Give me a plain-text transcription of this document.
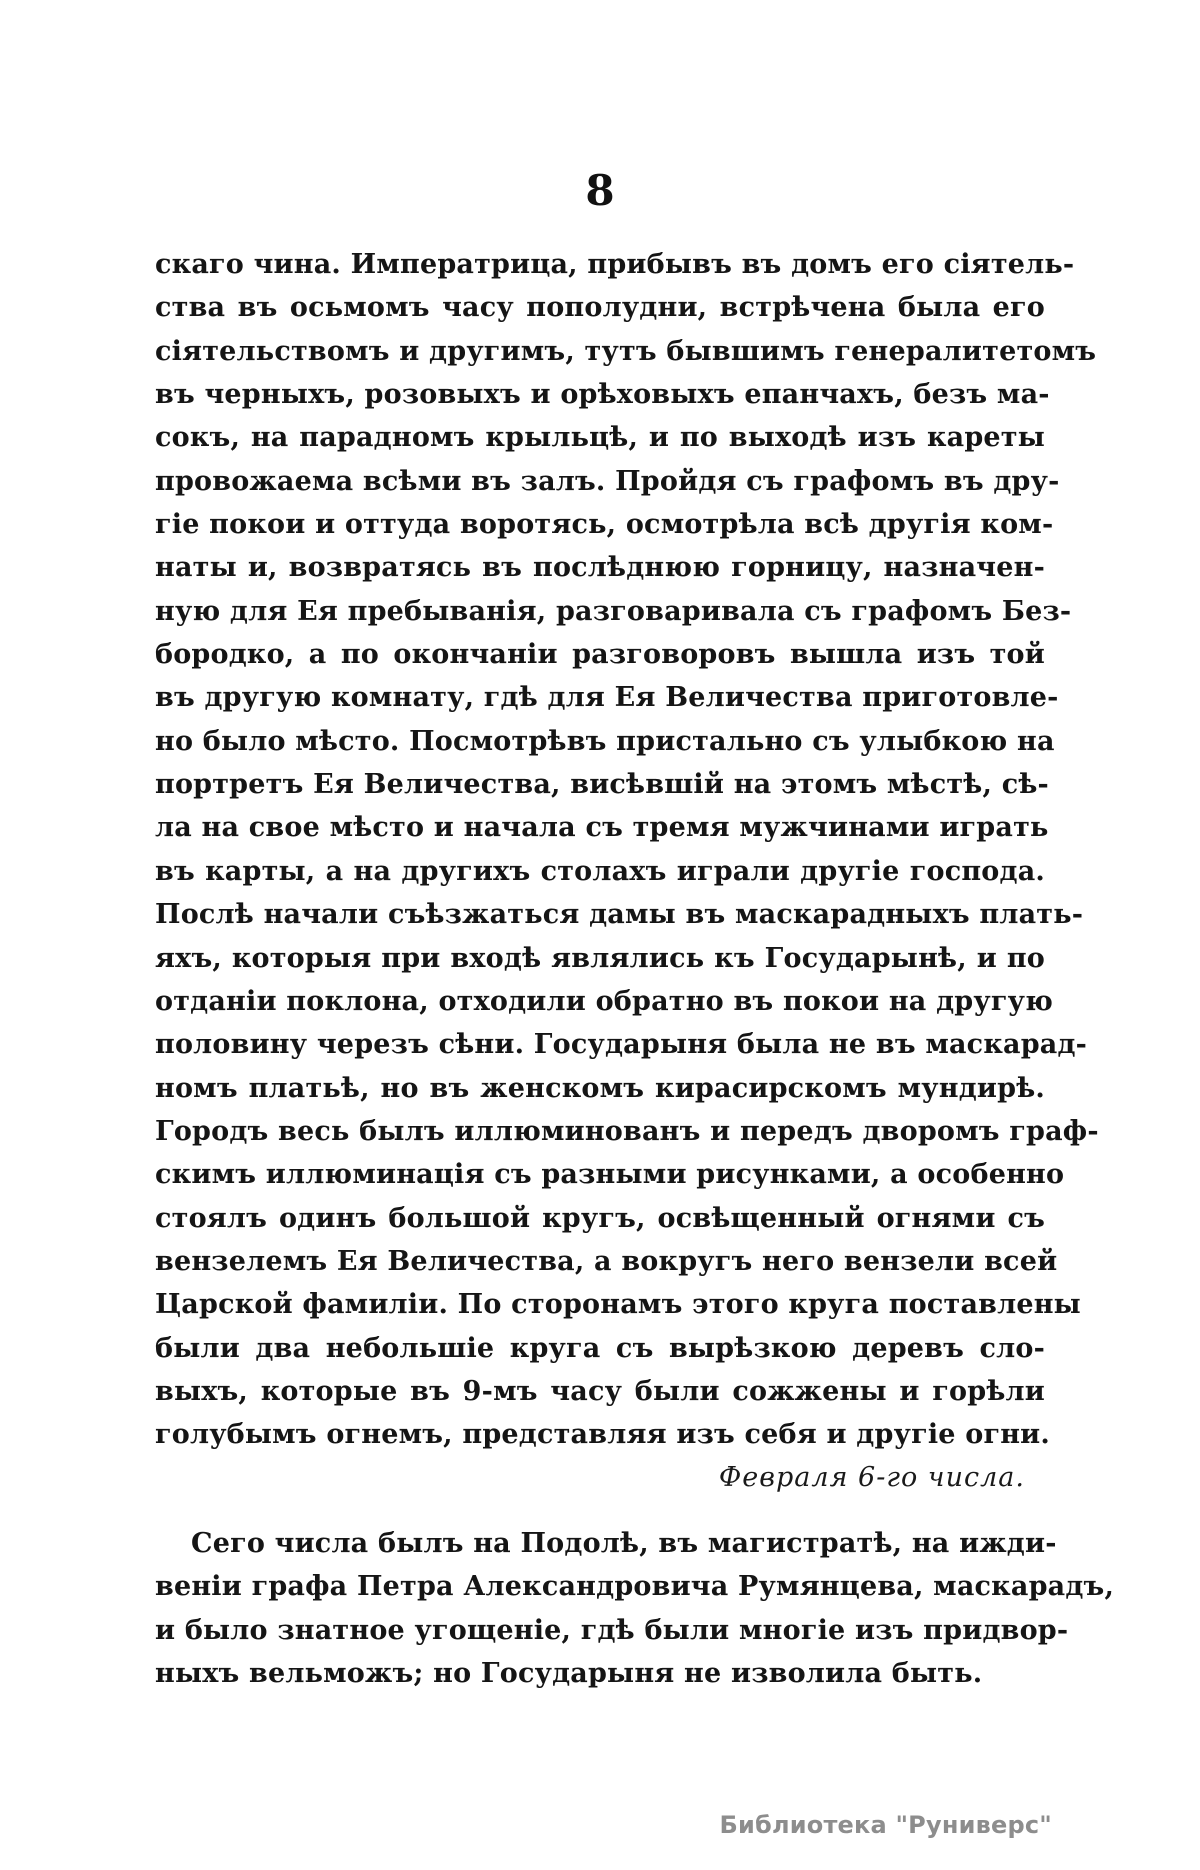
8
скаго чина. Императрица, прибывъ въ домъ его сіятель-
ства въ осьмомъ часу пополудни, встрѣчена была его
сіятельствомъ и другимъ, тутъ бывшимъ генералитетомъ
въ черныхъ, розовыхъ и орѣховыхъ епанчахъ, безъ ма-
сокъ, на парадномъ крыльцѣ, и по выходѣ изъ кареты
провожаема всѣми въ залъ. Пройдя съ графомъ въ дру-
гіе покои и оттуда воротясь, осмотрѣла всѣ другія ком-
наты и, возвратясь въ послѣднюю горницу, назначен-
ную для Ея пребыванія, разговаривала съ графомъ Без-
бородко, а по окончаніи разговоровъ вышла изъ той
въ другую комнату, гдѣ для Ея Величества приготовле-
но было мѣсто. Посмотрѣвъ пристально съ улыбкою на
портретъ Ея Величества, висѣвшій на этомъ мѣстѣ, сѣ-
ла на свое мѣсто и начала съ тремя мужчинами играть
въ карты, а на другихъ столахъ играли другіе господа.
Послѣ начали съѣзжаться дамы въ маскарадныхъ плать-
яхъ, которыя при входѣ являлись къ Государынѣ, и по
отданіи поклона, отходили обратно въ покои на другую
половину черезъ сѣни. Государыня была не въ маскарад-
номъ платьѣ, но въ женскомъ кирасирскомъ мундирѣ.
Городъ весь былъ иллюминованъ и передъ дворомъ граф-
скимъ иллюминація съ разными рисунками, а особенно
стоялъ одинъ большой кругъ, освѣщенный огнями съ
вензелемъ Ея Величества, а вокругъ него вензели всей
Царской фамиліи. По сторонамъ этого круга поставлены
были два небольшіе круга съ вырѣзкою деревъ сло-
выхъ, которые въ 9-мъ часу были сожжены и горѣли
голубымъ огнемъ, представляя изъ себя и другіе огни.
Февраля 6-го числа.
Сего числа былъ на Подолѣ, въ магистратѣ, на ижди-
веніи графа Петра Александровича Румянцева, маскарадъ,
и было знатное угощеніе, гдѣ были многіе изъ придвор-
ныхъ вельможъ; но Государыня не изволила быть.
Библиотека "Руниверс"
